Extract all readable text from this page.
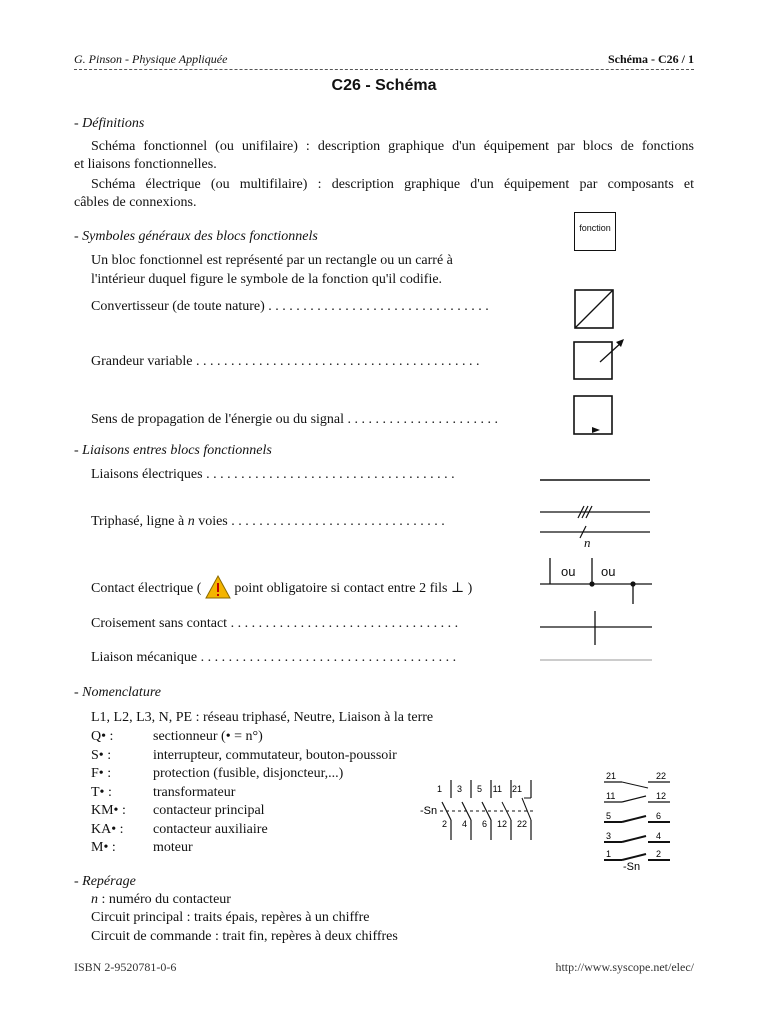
G. Pinson - Physique Appliquée	Schéma - C26 / 1
C26 - Schéma
- Définitions
Schéma fonctionnel (ou unifilaire) : description graphique d'un équipement par blocs de fonctions
et liaisons fonctionnelles.
Schéma électrique (ou multifilaire) : description graphique d'un équipement par composants et
câbles de connexions.
- Symboles généraux des blocs fonctionnels
fonction
Un bloc fonctionnel est représenté par un rectangle ou un carré à
l'intérieur duquel figure le symbole de la fonction qu'il codifie.
Convertisseur (de toute nature) . . . . . . . . . . . . . . . . . . . . . . . . . . . . . . . .
Grandeur variable . . . . . . . . . . . . . . . . . . . . . . . . . . . . . . . . . . . . . . . . .
Sens de propagation de l'énergie ou du signal . . . . . . . . . . . . . . . . . . . . . .
- Liaisons entres blocs fonctionnels
Liaisons électriques . . . . . . . . . . . . . . . . . . . . . . . . . . . . . . . . . . . .
Triphasé, ligne à n voies . . . . . . . . . . . . . . . . . . . . . . . . . . . . . . .
n
Contact électrique (  point obligatoire si contact entre 2 fils ⊥ )
ou ou
Croisement sans contact . . . . . . . . . . . . . . . . . . . . . . . . . . . . . . . . .
Liaison mécanique . . . . . . . . . . . . . . . . . . . . . . . . . . . . . . . . . . . . .
- Nomenclature
L1, L2, L3, N, PE : réseau triphasé, Neutre, Liaison à la terre
Q• :	sectionneur (• = n°)
S• :	interrupteur, commutateur, bouton-poussoir
F• :	protection (fusible, disjoncteur,...)
T• :	transformateur
KM• : contacteur principal
KA• : contacteur auxiliaire
M• :	moteur
-Sn
1
2
3
4
5
6
11
12
21
22
21	22
11	12
5	6
3	4
1	2
-Sn
- Repérage
n : numéro du contacteur
Circuit principal : traits épais, repères à un chiffre
Circuit de commande : trait fin, repères à deux chiffres
ISBN 2-9520781-0-6	http://www.syscope.net/elec/
